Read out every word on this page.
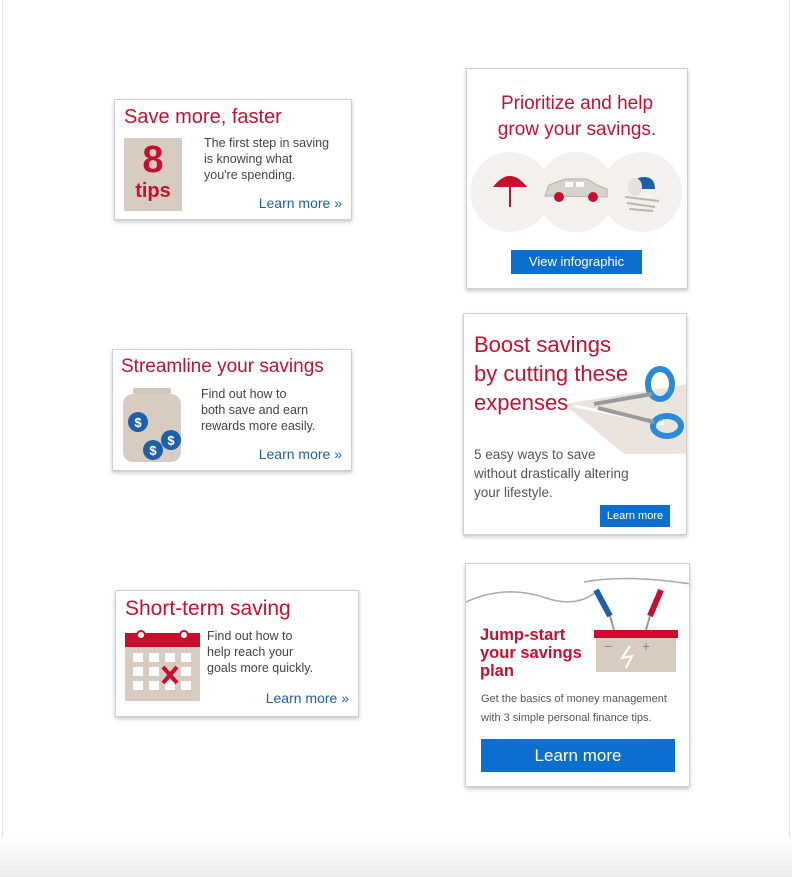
Save more, faster
8
tips
The first step in saving
is knowing what
you're spending.
Learn more »
Prioritize and help
grow your savings.
View infographic
Streamline your savings
$
$
$
Find out how to
both save and earn
rewards more easily.
Learn more »
Boost savings
by cutting these
expenses
5 easy ways to save
without drastically altering
your lifestyle.
Learn more
Short-term saving
Find out how to
help reach your
goals more quickly.
Learn more »
− +
Jump-start
your savings
plan
Get the basics of money management
with 3 simple personal finance tips.
Learn more
